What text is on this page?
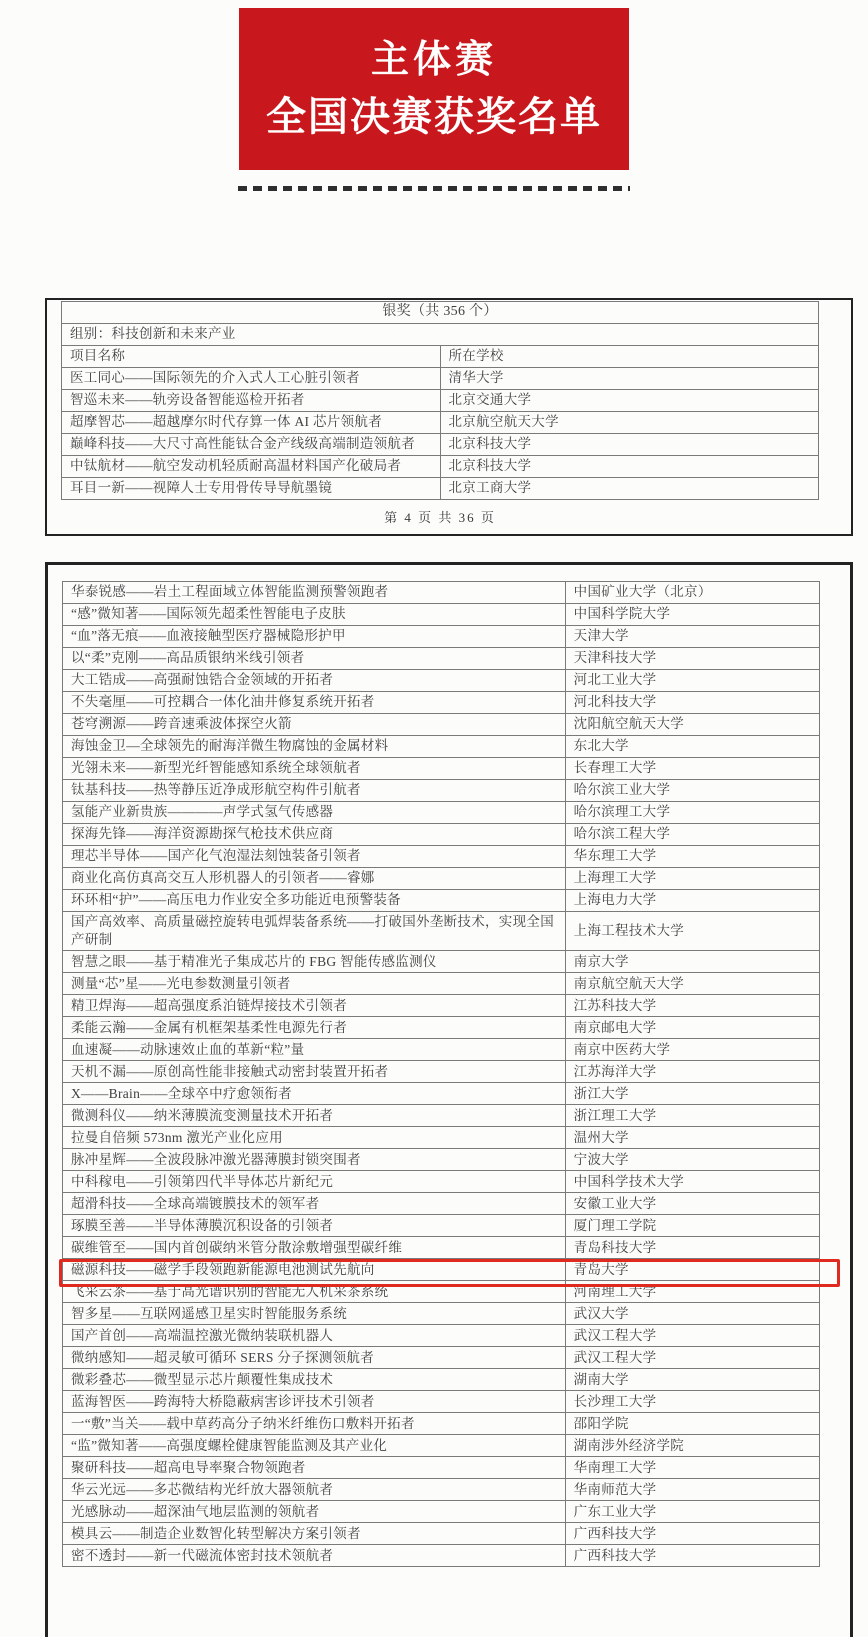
主体赛
全国决赛获奖名单
银奖（共 356 个）	
组别：科技创新和未来产业	
项目名称	所在学校
医工同心——国际领先的介入式人工心脏引领者	清华大学
智巡未来——轨旁设备智能巡检开拓者	北京交通大学
超摩智芯——超越摩尔时代存算一体 AI 芯片领航者	北京航空航天大学
巅峰科技——大尺寸高性能钛合金产线级高端制造领航者	北京科技大学
中钛航材——航空发动机轻质耐高温材料国产化破局者	北京科技大学
耳目一新——视障人士专用骨传导导航墨镜	北京工商大学
第 4 页 共 36 页
华泰锐感——岩土工程面域立体智能监测预警领跑者	中国矿业大学（北京）
“感”微知著——国际领先超柔性智能电子皮肤	中国科学院大学
“血”落无痕——血液接触型医疗器械隐形护甲	天津大学
以“柔”克刚——高品质银纳米线引领者	天津科技大学
大工锆成——高强耐蚀锆合金领域的开拓者	河北工业大学
不失毫厘——可控耦合一体化油井修复系统开拓者	河北科技大学
苍穹溯源——跨音速乘波体探空火箭	沈阳航空航天大学
海蚀金卫—全球领先的耐海洋微生物腐蚀的金属材料	东北大学
光翎未来——新型光纤智能感知系统全球领航者	长春理工大学
钛基科技——热等静压近净成形航空构件引航者	哈尔滨工业大学
氢能产业新贵族————声学式氢气传感器	哈尔滨理工大学
探海先锋——海洋资源勘探气枪技术供应商	哈尔滨工程大学
理芯半导体——国产化气泡湿法刻蚀装备引领者	华东理工大学
商业化高仿真高交互人形机器人的引领者——睿娜	上海理工大学
环环相“护”——高压电力作业安全多功能近电预警装备	上海电力大学
国产高效率、高质量磁控旋转电弧焊装备系统——打破国外垄断技术，实现全国产研制	上海工程技术大学
智慧之眼——基于精准光子集成芯片的 FBG 智能传感监测仪	南京大学
测量“芯”星——光电参数测量引领者	南京航空航天大学
精卫焊海——超高强度系泊链焊接技术引领者	江苏科技大学
柔能云瀚——金属有机框架基柔性电源先行者	南京邮电大学
血速凝——动脉速效止血的革新“粒”量	南京中医药大学
天机不漏——原创高性能非接触式动密封装置开拓者	江苏海洋大学
X——Brain——全球卒中疗愈领衔者	浙江大学
微测科仪——纳米薄膜流变测量技术开拓者	浙江理工大学
拉曼自倍频 573nm 激光产业化应用	温州大学
脉冲星辉——全波段脉冲激光器薄膜封锁突围者	宁波大学
中科稼电——引领第四代半导体芯片新纪元	中国科学技术大学
超滑科技——全球高端镀膜技术的领军者	安徽工业大学
琢膜至善——半导体薄膜沉积设备的引领者	厦门理工学院
碳维管至——国内首创碳纳米管分散涂敷增强型碳纤维	青岛科技大学
磁源科技——磁学手段领跑新能源电池测试先航向	青岛大学
飞采云茶——基于高光谱识别的智能无人机采茶系统	河南理工大学
智多星——互联网遥感卫星实时智能服务系统	武汉大学
国产首创——高端温控激光微纳装联机器人	武汉工程大学
微纳感知——超灵敏可循环 SERS 分子探测领航者	武汉工程大学
微彩叠芯——微型显示芯片颠覆性集成技术	湖南大学
蓝海智医——跨海特大桥隐蔽病害诊评技术引领者	长沙理工大学
一“敷”当关——载中草药高分子纳米纤维伤口敷料开拓者	邵阳学院
“监”微知著——高强度螺栓健康智能监测及其产业化	湖南涉外经济学院
聚研科技——超高电导率聚合物领跑者	华南理工大学
华云光远——多芯微结构光纤放大器领航者	华南师范大学
光感脉动——超深油气地层监测的领航者	广东工业大学
模具云——制造企业数智化转型解决方案引领者	广西科技大学
密不透封——新一代磁流体密封技术领航者	广西科技大学
